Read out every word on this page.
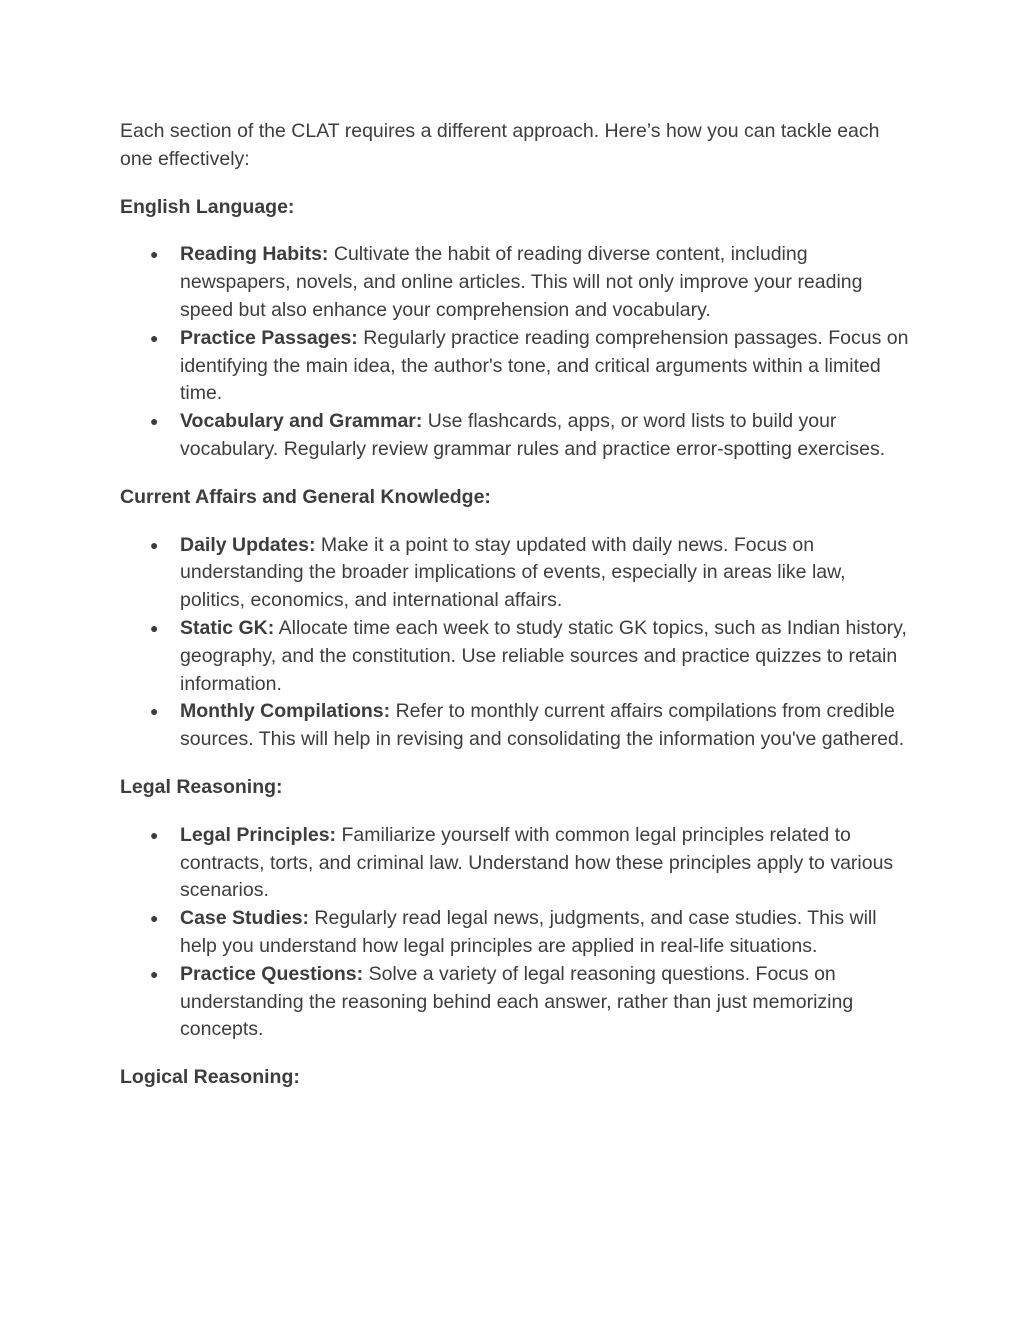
Each section of the CLAT requires a different approach. Here’s how you can tackle each one effectively:

English Language:

● Reading Habits: Cultivate the habit of reading diverse content, including newspapers, novels, and online articles. This will not only improve your reading speed but also enhance your comprehension and vocabulary.
● Practice Passages: Regularly practice reading comprehension passages. Focus on identifying the main idea, the author's tone, and critical arguments within a limited time.
● Vocabulary and Grammar: Use flashcards, apps, or word lists to build your vocabulary. Regularly review grammar rules and practice error-spotting exercises.

Current Affairs and General Knowledge:

● Daily Updates: Make it a point to stay updated with daily news. Focus on understanding the broader implications of events, especially in areas like law, politics, economics, and international affairs.
● Static GK: Allocate time each week to study static GK topics, such as Indian history, geography, and the constitution. Use reliable sources and practice quizzes to retain information.
● Monthly Compilations: Refer to monthly current affairs compilations from credible sources. This will help in revising and consolidating the information you've gathered.

Legal Reasoning:

● Legal Principles: Familiarize yourself with common legal principles related to contracts, torts, and criminal law. Understand how these principles apply to various scenarios.
● Case Studies: Regularly read legal news, judgments, and case studies. This will help you understand how legal principles are applied in real-life situations.
● Practice Questions: Solve a variety of legal reasoning questions. Focus on understanding the reasoning behind each answer, rather than just memorizing concepts.

Logical Reasoning:
